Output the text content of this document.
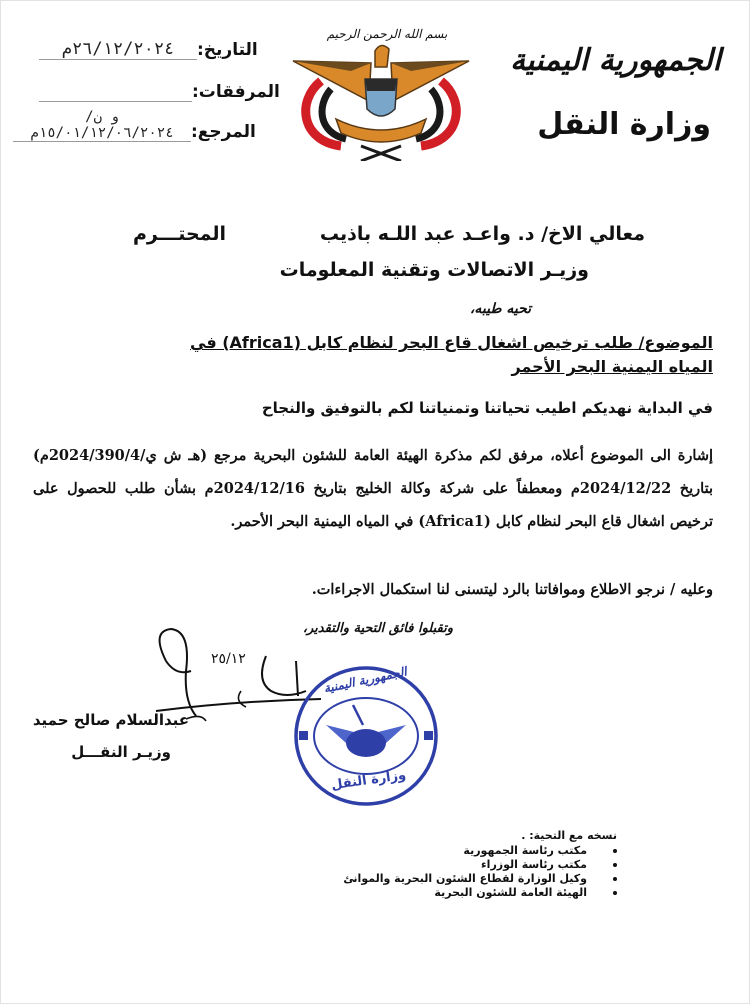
الجمهورية اليمنية
وزارة النقل
بسم الله الرحمن الرحيم
التاريخ:
٢٦/١٢/٢٠٢٤م
المرفقات:
المرجع:
و ن/١٥/٠١/١٢/٠٦/٢٠٢٤م
معالي الاخ/ د. واعـد عبد اللـه باذيب
المحتـــرم
وزيـر الاتصالات وتقنية المعلومات
تحيه طيبه،
الموضوع/ طلب ترخيص اشغال قاع البحر لنظام كابل (Africa1) في
المياه اليمنية البحر الأحمر
في البداية نهديكم اطيب تحياتنا وتمنياتنا لكم بالتوفيق والنجاح
إشارة الى الموضوع أعلاه، مرفق لكم مذكرة الهيئة العامة للشئون البحرية مرجع (هـ ش ي/2024/390/4م) بتاريخ 2024/12/22م ومعطفاً على شركة وكالة الخليج بتاريخ 2024/12/16م بشأن طلب للحصول على ترخيص اشغال قاع البحر لنظام كابل (Africa1) في المياه اليمنية البحر الأحمر.
وعليه / نرجو الاطلاع وموافاتنا بالرد ليتسنى لنا استكمال الاجراءات.
وتقبلوا فائق التحية والتقدير،
٢٥/١٢
عبدالسلام صالح حميد
وزيـر النقـــل
الجمهورية اليمنية
وزارة النقل
نسخه مع التحية: .
مكتب رئاسة الجمهورية
مكتب رئاسة الوزراء
وكيل الوزارة لقطاع الشئون البحرية والموانئ
الهيئة العامة للشئون البحرية
